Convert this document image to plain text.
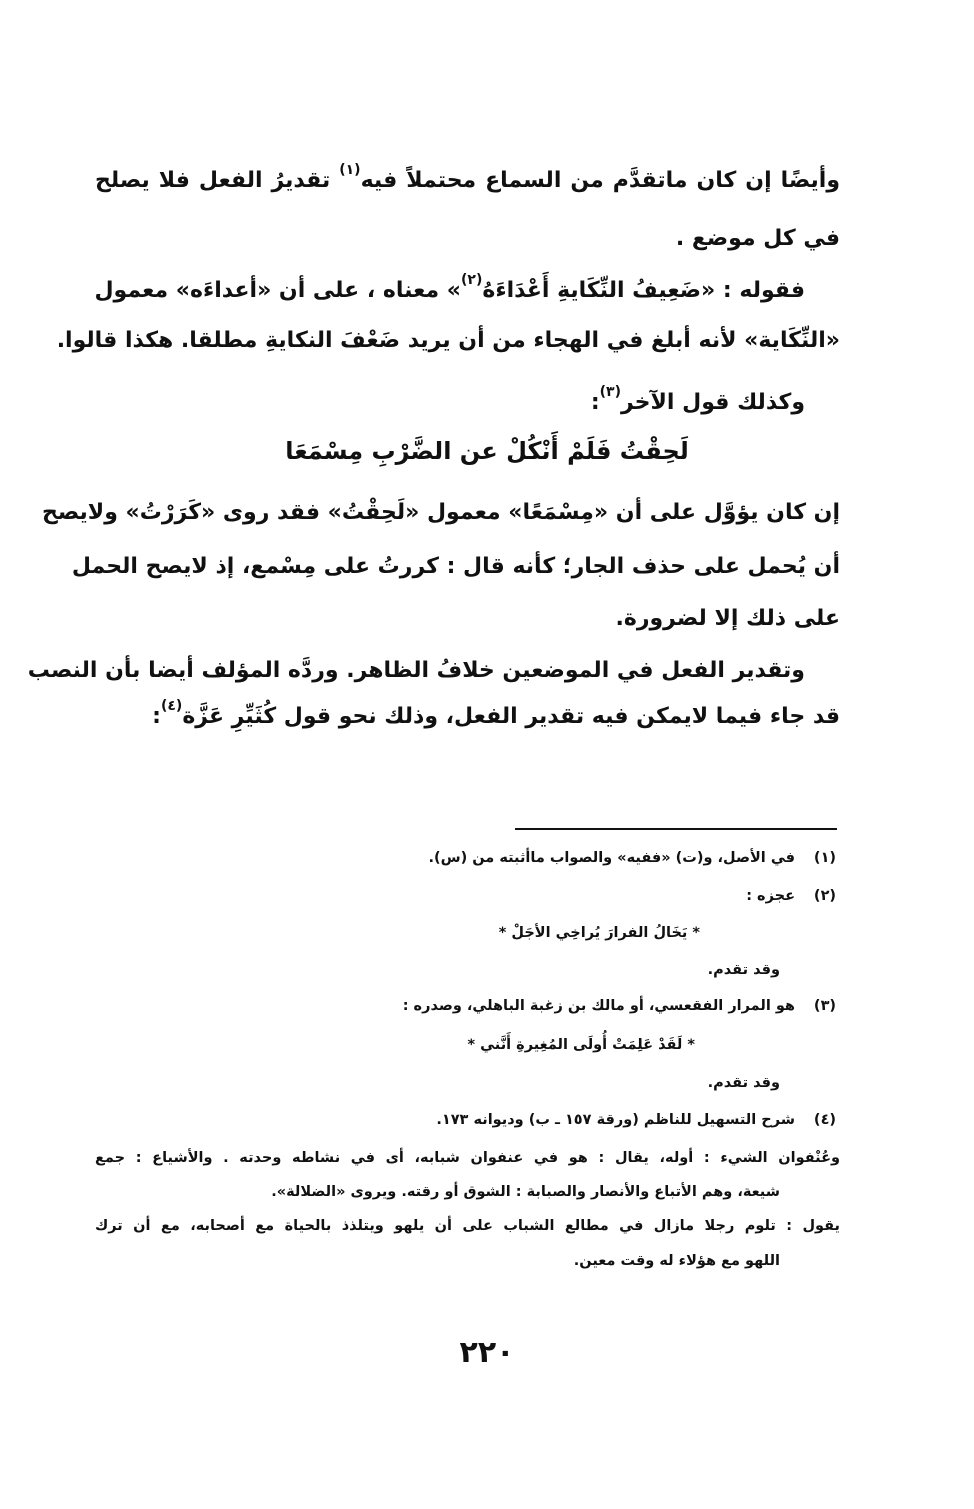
وأيضًا إن كان ماتقدَّم من السماع محتملاً فيه$^{(١)}$ تقديرُ الفعل فلا يصلح
في كل موضع .
فقوله : «ضَعِيفُ النِّكَايةِ أَعْدَاءَهُ$^{(٢)}$» معناه ، على أن «أعداءَه» معمول
«النِّكَاية» لأنه أبلغ في الهجاء من أن يريد ضَعْفَ النكايةِ مطلقا. هكذا قالوا.
وكذلك قول الآخر$^{(٣)}$:
لَحِقْتُ فَلَمْ أَنْكُلْ عن الضَّرْبِ مِسْمَعَا
إن كان يؤوَّل على أن «مِسْمَعًا» معمول «لَحِقْتُ» فقد روى «كَرَرْتُ» ولايصح
أن يُحمل على حذف الجار؛ كأنه قال : كررتُ على مِسْمع، إذ لايصح الحمل
على ذلك إلا لضرورة.
وتقدير الفعل في الموضعين خلافُ الظاهر. وردَّه المؤلف أيضا بأن النصب
قد جاء فيما لايمكن فيه تقدير الفعل، وذلك نحو قول كُثَيِّرِ عَزَّة$^{(٤)}$:
(١)
في الأصل، و(ت) «ففيه» والصواب ماأثبته من (س).
(٢)
عجزه :
* يَخَالُ الفرارَ يُراخِي الأجَلْ *
وقد تقدم.
(٣)
هو المرار الفقعسي، أو مالك بن زغبة الباهلي، وصدره :
* لَقَدْ عَلِمَتْ أُولَى المُغِيرةِ أَنَّني *
وقد تقدم.
(٤)
شرح التسهيل للناظم (ورقة ١٥٧ ـ ب) وديوانه ١٧٣.
وعُنْفوان الشيء : أوله، يقال : هو في عنفوان شبابه، أى في نشاطه وحدته . والأشياع : جمع
شيعة، وهم الأتباع والأنصار والصبابة : الشوق أو رقته. ويروى «الضلالة».
يقول : تلوم رجلا مازال في مطالع الشباب على أن يلهو ويتلذذ بالحياة مع أصحابه، مع أن ترك
اللهو مع هؤلاء له وقت معين.
٢٢٠
